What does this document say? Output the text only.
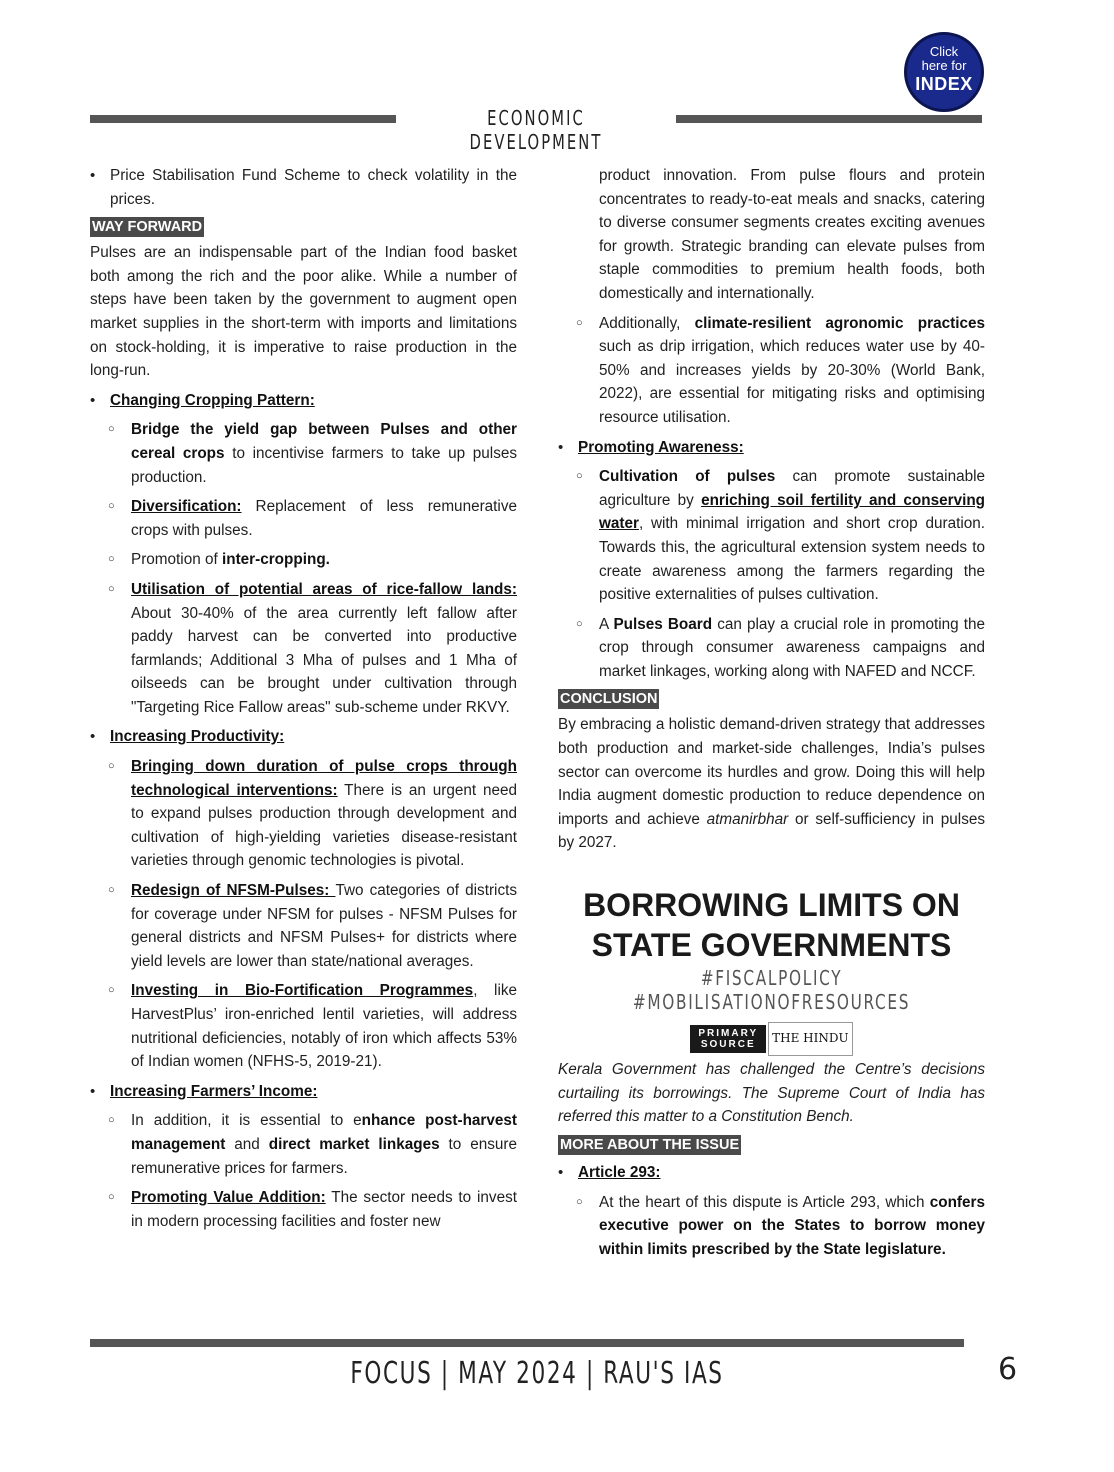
Click
here for
INDEX
ECONOMIC DEVELOPMENT
• Price Stabilisation Fund Scheme to check volatility in the prices.
WAY FORWARD

Pulses are an indispensable part of the Indian food basket both among the rich and the poor alike. While a number of steps have been taken by the government to augment open market supplies in the short-term with imports and limitations on stock-holding, it is imperative to raise production in the long-run.

• Changing Cropping Pattern:
○ Bridge the yield gap between Pulses and other cereal crops to incentivise farmers to take up pulses production.
○ Diversification: Replacement of less remunerative crops with pulses.
○ Promotion of inter-cropping.
○ Utilisation of potential areas of rice-fallow lands: About 30-40% of the area currently left fallow after paddy harvest can be converted into productive farmlands; Additional 3 Mha of pulses and 1 Mha of oilseeds can be brought under cultivation through "Targeting Rice Fallow areas" sub-scheme under RKVY.
• Increasing Productivity:
○ Bringing down duration of pulse crops through technological interventions: There is an urgent need to expand pulses production through development and cultivation of high-yielding varieties disease-resistant varieties through genomic technologies is pivotal.
○ Redesign of NFSM-Pulses: Two categories of districts for coverage under NFSM for pulses - NFSM Pulses for general districts and NFSM Pulses+ for districts where yield levels are lower than state/national averages.
○ Investing in Bio-Fortification Programmes, like HarvestPlus’ iron-enriched lentil varieties, will address nutritional deficiencies, notably of iron which affects 53% of Indian women (NFHS-5, 2019-21).
• Increasing Farmers’ Income:
○ In addition, it is essential to enhance post-harvest management and direct market linkages to ensure remunerative prices for farmers.
○ Promoting Value Addition: The sector needs to invest in modern processing facilities and foster new
product innovation. From pulse flours and protein concentrates to ready-to-eat meals and snacks, catering to diverse consumer segments creates exciting avenues for growth. Strategic branding can elevate pulses from staple commodities to premium health foods, both domestically and internationally.
○ Additionally, climate-resilient agronomic practices such as drip irrigation, which reduces water use by 40-50% and increases yields by 20-30% (World Bank, 2022), are essential for mitigating risks and optimising resource utilisation.
• Promoting Awareness:
○ Cultivation of pulses can promote sustainable agriculture by enriching soil fertility and conserving water, with minimal irrigation and short crop duration. Towards this, the agricultural extension system needs to create awareness among the farmers regarding the positive externalities of pulses cultivation.
○ A Pulses Board can play a crucial role in promoting the crop through consumer awareness campaigns and market linkages, working along with NAFED and NCCF.
CONCLUSION

By embracing a holistic demand-driven strategy that addresses both production and market-side challenges, India’s pulses sector can overcome its hurdles and grow. Doing this will help India augment domestic production to reduce dependence on imports and achieve atmanirbhar or self-sufficiency in pulses by 2027.

BORROWING LIMITS ON
STATE GOVERNMENTS
#FISCALPOLICY #MOBILISATIONOFRESOURCES
PRIMARY
SOURCE THE HINDU

Kerala Government has challenged the Centre’s decisions curtailing its borrowings. The Supreme Court of India has referred this matter to a Constitution Bench.

MORE ABOUT THE ISSUE
• Article 293:
○ At the heart of this dispute is Article 293, which confers executive power on the States to borrow money within limits prescribed by the State legislature.
FOCUS | MAY 2024 | RAU'S IAS	6
